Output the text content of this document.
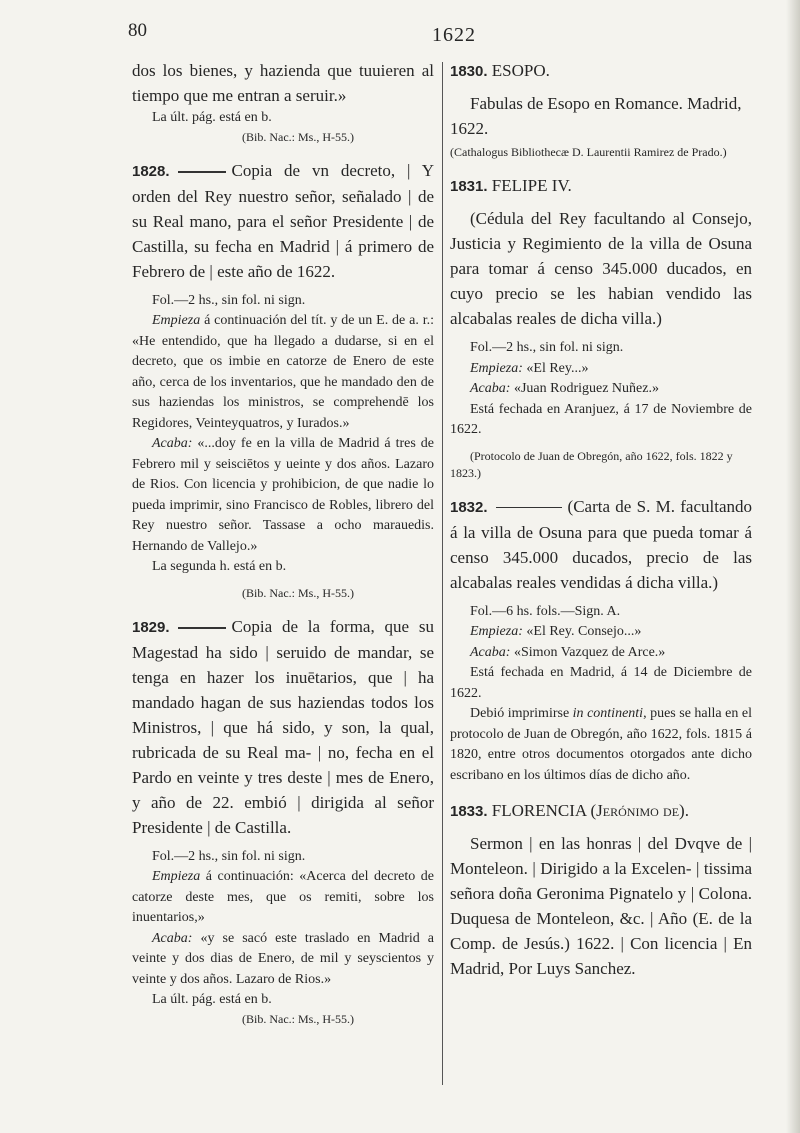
80	1622

dos los bienes, y hazienda que tuuieren al tiempo que me entran a seruir.»

La últ. pág. está en b.

(Bib. Nac.: Ms., H-55.)

1828.	Copia de vn decreto, | Y orden del Rey nuestro señor, señalado | de su Real mano, para el señor Presidente | de Castilla, su fecha en Madrid | á primero de Febrero de | este año de 1622.

Fol.—2 hs., sin fol. ni sign.

Empieza á continuación del tít. y de un E. de a. r.: «He entendido, que ha llegado a dudarse, si en el decreto, que os imbie en catorze de Enero de este año, cerca de los inventarios, que he mandado den de sus haziendas los ministros, se comprehendē los Regidores, Veinteyquatros, y Iurados.»

Acaba: «...doy fe en la villa de Madrid á tres de Febrero mil y seisciētos y ueinte y dos años. Lazaro de Rios. Con licencia y prohibicion, de que nadie lo pueda imprimir, sino Francisco de Robles, librero del Rey nuestro señor. Tassase a ocho marauedis. Hernando de Vallejo.»

La segunda h. está en b.

(Bib. Nac.: Ms., H-55.)

1829.	Copia de la forma, que su Magestad ha sido | seruido de mandar, se tenga en hazer los inuētarios, que | ha mandado hagan de sus haziendas todos los Ministros, | que há sido, y son, la qual, rubricada de su Real ma- | no, fecha en el Pardo en veinte y tres deste | mes de Enero, y año de 22. embió | dirigida al señor Presidente | de Castilla.

Fol.—2 hs., sin fol. ni sign.

Empieza á continuación: «Acerca del decreto de catorze deste mes, que os remiti, sobre los inuentarios,»

Acaba: «y se sacó este traslado en Madrid a veinte y dos dias de Enero, de mil y seyscientos y veinte y dos años. Lazaro de Rios.»

La últ. pág. está en b.

(Bib. Nac.: Ms., H-55.)

1830. ESOPO.

Fabulas de Esopo en Romance. Madrid, 1622.

(Cathalogus Bibliothecæ D. Laurentii Ramirez de Prado.)

1831. FELIPE IV.

(Cédula del Rey facultando al Consejo, Justicia y Regimiento de la villa de Osuna para tomar á censo 345.000 ducados, en cuyo precio se les habian vendido las alcabalas reales de dicha villa.)

Fol.—2 hs., sin fol. ni sign.

Empieza: «El Rey...»

Acaba: «Juan Rodriguez Nuñez.»

Está fechada en Aranjuez, á 17 de Noviembre de 1622.

(Protocolo de Juan de Obregón, año 1622, fols. 1822 y 1823.)

1832.	(Carta de S. M. facultando á la villa de Osuna para que pueda tomar á censo 345.000 ducados, precio de las alcabalas reales vendidas á dicha villa.)

Fol.—6 hs. fols.—Sign. A.

Empieza: «El Rey. Consejo...»

Acaba: «Simon Vazquez de Arce.»

Está fechada en Madrid, á 14 de Diciembre de 1622.

Debió imprimirse in continenti, pues se halla en el protocolo de Juan de Obregón, año 1622, fols. 1815 á 1820, entre otros documentos otorgados ante dicho escribano en los últimos días de dicho año.

1833. FLORENCIA (Jerónimo de).

Sermon | en las honras | del Dvqve de | Monteleon. | Dirigido a la Excelen- | tissima señora doña Geronima Pignatelo y | Colona. Duquesa de Monteleon, &c. | Año (E. de la Comp. de Jesús.) 1622. | Con licencia | En Madrid, Por Luys Sanchez.
